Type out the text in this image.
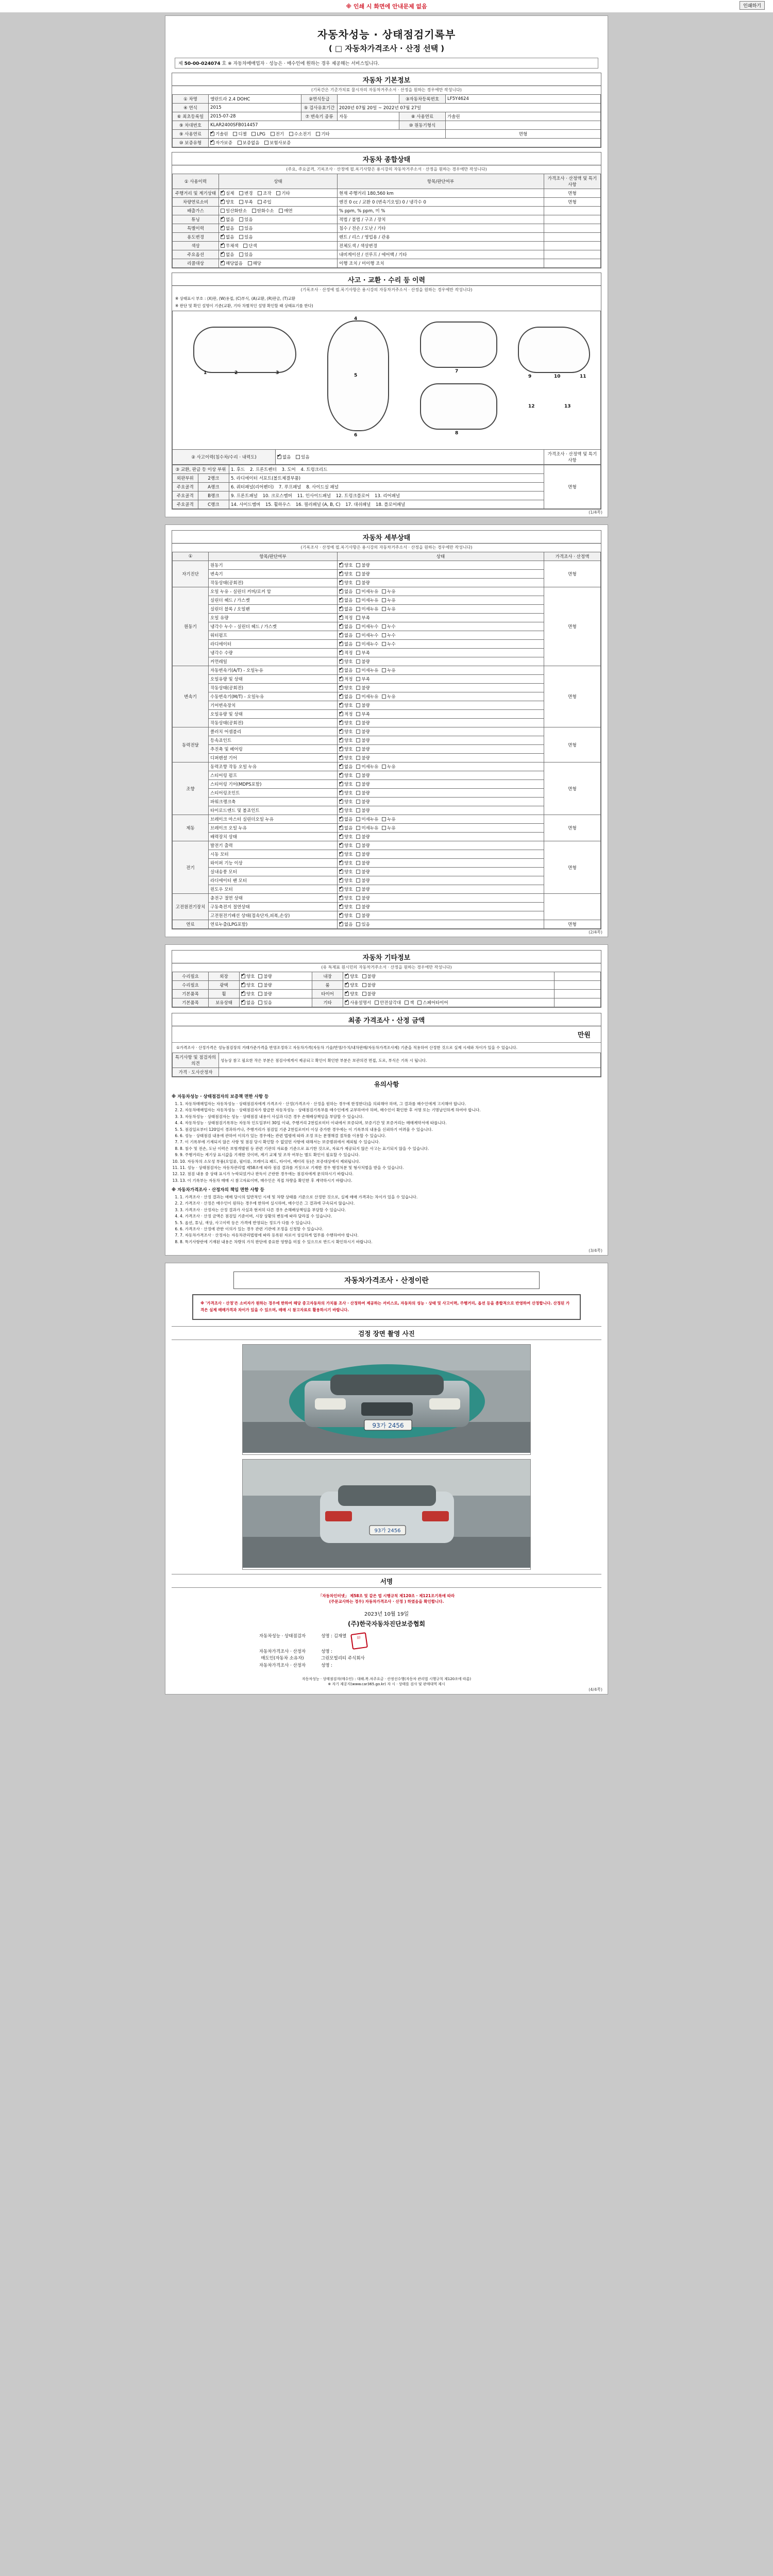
※ 인쇄 시 화면에 안내문제 없음	인쇄하기
(1/4쪽)
자동차성능 · 상태점검기록부
( □ 자동차가격조사 · 산정 선택 )
제 50-00-024074 호 ※ 자동차매매업자 · 성능은 · 매수인에 원하는 경우 제공해는 서비스입니다.
자동차 기본정보
(기록간은 기준가치료 물시자의 자동차거주소서 · 산정을 원하는 경우에만 작성니다)
① 차명	엘란트라 2.4 DOHC	②연식등급		③자동차등록번호	LF5Y4624
④ 연식	2015	⑤ 검사유효기간	2020년 07월 20일 ~ 2022년 07월 27일		
⑥ 최초등록일	2015-07-28	⑦ 변속기 종류	자동	⑧ 사용연료	가솔린
⑨ 차대번호	KLAR2400SFB014457			⑩ 원동기형식	
⑨ 사용연료	✔기솔린 디젤 LPG 전기 수소전기 기타				면형
⑩ 보증유형	✔자가보증 보증없음 보험사보증
자동차 종합상태
(주요, 주요골격, 기록조사 · 산정에 필.록기사항은 용시강의 자동차거주소서 · 산정을 원하는 경우에만 작성니다)
① 사용이력	상태	항목/판단여부	가격조사 · 산정액 및 특기사항
주행거리 및 계기상태	✔실제 변경 조작 기타	현재 주행거리 180,560 km	면형
차량연료소비	✔양호 부족 주입	엔진 0 cc / 교환 0 (변속기오일) 0 / 냉각수 0	면형
배출가스	일산화탄소 탄화수소 매연	% ppm, % ppm, 미 %	
튜닝	✔없음 있음	적법 / 불법 / 구조 / 장치	
특별이력	✔없음 있음	침수 / 전손 / 도난 / 기타	
용도변경	✔없음 있음	렌트 / 리스 / 영업용 / 관용	
색상	✔무채색 단색	전체도색 / 색상변경	
주요옵션	✔없음 있음	내비게이션 / 선루프 / 에어백 / 기타	
리콜대상	✔해당없음 해당	이행 조치 / 미이행 조치	
사고 · 교환 · 수리 등 이력
(기록조사 · 산정에 필.록기사항은 용시강의 자동차거주소서 · 산정을 원하는 경우에만 작성니다)
※ 상태표시 부호 : (X)판, (W)용접, (C)부식, (A)교환, (R)판금, (T)교환
※ 판단 및 확인 설명이 기준(교환, 기타 차별적인 설명 확인할 때 상태표기를 한다)
1	2	3
4
5
6
7
8
9	10	11
12	13
② 사고이력(침수차/수리 · 내력도)	✔없음 있음	가격조사 · 산정액 및 특기사항
③ 교환, 판금 등 이상 부위		1. 후드 2. 프론트펜더 3. 도어 4. 트렁크리드	면형
외판부위	2랭크	5. 라디에이터 서포트(볼트체결부품)	
주요골격	A랭크	6. 쿼터패널(리어펜더) 7. 루프패널 8. 사이드실 패널	
주요골격	B랭크	9. 프론트패널 10. 크로스멤버 11. 인사이드패널 12. 트렁크플로어 13. 리어패널	
주요골격	C랭크	14. 사이드멤버 15. 휠하우스 16. 필러패널 (A, B, C) 17. 대쉬패널 18. 플로어패널	
(2/4쪽)
자동차 세부상태
(기록조사 · 산정에 필.록기사항은 용시강의 자동차거주소서 · 산정을 원하는 경우에만 작성니다)
①	항목/판단여부	상태	가격조사 · 산정액
자기진단	원동기	✔양호 불량	면형
	변속기	✔양호 불량
	작동상태(공회전)	✔양호 불량
원동기	오일 누유 - 실린더 커버/로커 암	✔없음 미세누유 누유	면형
	실린더 헤드 / 가스켓	✔없음 미세누유 누유
	실린더 블록 / 오일팬	✔없음 미세누유 누유
	오일 유량	✔적정 부족
	냉각수 누수 - 실린더 헤드 / 가스켓	✔없음 미세누수 누수
	워터펌프	✔없음 미세누수 누수
	라디에이터	✔없음 미세누수 누수
	냉각수 수량	✔적정 부족
	커먼레일	✔양호 불량
변속기	자동변속기(A/T) - 오일누유	✔없음 미세누유 누유	면형
	오일유량 및 상태	✔적정 부족
	작동상태(공회전)	✔양호 불량
	수동변속기(M/T) - 오일누유	✔없음 미세누유 누유
	기어변속장치	✔양호 불량
	오일유량 및 상태	✔적정 부족
	작동상태(공회전)	✔양호 불량
동력전달	클러치 어셈블리	✔양호 불량	면형
	등속죠인트	✔양호 불량
	추진축 및 베어링	✔양호 불량
	디퍼렌셜 기어	✔양호 불량
조향	동력조향 작동 오일 누유	✔없음 미세누유 누유	면형
	스티어링 펌프	✔양호 불량
	스티어링 기어(MDPS포함)	✔양호 불량
	스티어링조인트	✔양호 불량
	파워크랭크축	✔양호 불량
	타이로드엔드 및 볼죠인트	✔양호 불량
제동	브레이크 마스터 실린더오일 누유	✔없음 미세누유 누유	면형
	브레이크 오일 누유	✔없음 미세누유 누유
	배력장치 상태	✔양호 불량
전기	발전기 출력	✔양호 불량	면형
	시동 모터	✔양호 불량
	와이퍼 기능 이상	✔양호 불량
	실내송풍 모터	✔양호 불량
	라디에이터 팬 모터	✔양호 불량
	윈도우 모터	✔양호 불량
고전원전기장치	충전구 절연 상태	✔양호 불량	
	구동축전지 절연상태	✔양호 불량
	고전원전기배선 상태(접속단자,피복,손상)	✔양호 불량
연료	연료누출(LPG포함)	✔없음 있음	면형
(3/4쪽)
자동차 기타정보
(유 특제표 원시민의 자동차거주소서 · 산정을 원하는 경우에만 작성니다)
수리필요	외장	✔양호 불량	내장	✔양호 불량	
수리필요	광택	✔양호 불량	룸	✔양호 불량	
기본품목	휠	✔양호 불량	타이어	✔양호 불량	
기본품목	보유상태	✔없음 있음	기타	✔사용설명서 안전삼각대 잭 스페어타이어	
최종 가격조사 · 산정 금액
만원
①가격조사 · 산정가격은 성능점검장의 거래가준가격을 반영조정하고 자동차가격(자동차 기술/반영/수치/내차판매/자동차가격조사제) 기준을 적용하여 산정한 것으로 실제 시세와 차이가 있을 수 있습니다.
특기사항 및 점검자의 의견	성능상 참고 필요한 작은 부분은 점검사에게서 제공되고 확인이 확인한 부분은 보관의견 면접, 도로, 부식은 기록 시 됩니다.
가격 · 도사산정자	
유의사항

※ 자동차성능 · 상태점검자의 보증책 면한 사항 등

1. 1. 자동차매매업자는 자동차성능 · 상태점검자에게 가격조사 · 산정(가격조사 · 산정을 원하는 경우에 한정한다)을 의뢰해야 하며, 그 결과를 매수인에게 고지해야 합니다.
2. 2. 자동차매매업자는 자동차성능 · 상태점검자가 발급한 자동차성능 · 상태점검기록부를 매수인에게 교부하여야 하며, 매수인이 확인한 후 서명 또는 기명날인하게 하여야 합니다.
3. 3. 자동차성능 · 상태점검자는 성능 · 상태점검 내용이 사실과 다른 경우 손해배상책임을 부담할 수 있습니다.
4. 4. 자동차성능 · 상태점검기록부는 자동차 인도일부터 30일 이내, 주행거리 2천킬로미터 이내에서 보증되며, 보증기간 및 보증거리는 매매계약서에 따릅니다.
5. 5. 점검일로부터 120일이 경과하거나, 주행거리가 점검일 기준 2천킬로미터 이상 증가한 경우에는 이 기록부의 내용을 신뢰하기 어려울 수 있습니다.
6. 6. 성능 · 상태점검 내용에 관하여 이의가 있는 경우에는 관련 법령에 따라 조정 또는 분쟁해결 절차를 이용할 수 있습니다.
7. 7. 이 기록부에 기재되지 않은 사항 및 점검 당시 확인할 수 없었던 사항에 대해서는 보증범위에서 제외될 수 있습니다.
8. 8. 침수 및 전손, 도난 이력은 보험개발원 등 관련 기관의 자료를 기준으로 표기한 것으로, 자료가 제공되지 않은 사고는 표기되지 않을 수 있습니다.
9. 9. 주행거리는 계기상 표시값을 기재한 것이며, 계기 교체 및 조작 여부는 별도 확인이 필요할 수 있습니다.
10. 10. 자동차의 소모성 부품(오일류, 필터류, 브레이크 패드, 타이어, 배터리 등)은 보증대상에서 제외됩니다.
11. 11. 성능 · 상태점검자는 자동차관리법 제58조에 따라 점검 결과를 거짓으로 기재한 경우 행정처분 및 형사처벌을 받을 수 있습니다.
12. 12. 점검 내용 중 상태 표시가 누락되었거나 판독이 곤란한 경우에는 점검자에게 문의하시기 바랍니다.
13. 13. 이 기록부는 자동차 매매 시 참고자료이며, 매수인은 직접 차량을 확인한 후 계약하시기 바랍니다.

※ 자동차가격조사 · 산정자의 책임 면한 사항 등

1. 1. 가격조사 · 산정 결과는 매매 당시의 일반적인 시세 및 차량 상태를 기준으로 산정한 것으로, 실제 매매 가격과는 차이가 있을 수 있습니다.
2. 2. 가격조사 · 산정은 매수인이 원하는 경우에 한하여 실시하며, 매수인은 그 결과에 구속되지 않습니다.
3. 3. 가격조사 · 산정자는 산정 결과가 사실과 현저히 다른 경우 손해배상책임을 부담할 수 있습니다.
4. 4. 가격조사 · 산정 금액은 점검일 기준이며, 시장 상황의 변동에 따라 달라질 수 있습니다.
5. 5. 옵션, 튜닝, 색상, 사고이력 등은 가격에 반영되는 정도가 다를 수 있습니다.
6. 6. 가격조사 · 산정에 관한 이의가 있는 경우 관련 기관에 조정을 신청할 수 있습니다.
7. 7. 자동차가격조사 · 산정자는 자동차관리법령에 따라 등록된 자로서 성실하게 업무를 수행하여야 합니다.
8. 8. 특기사항란에 기재된 내용은 차량의 가치 판단에 중요한 영향을 미칠 수 있으므로 반드시 확인하시기 바랍니다.
(4/4쪽)
자동차가격조사 · 산정이란
※ '가격조사 · 산정'은 소비자가 원하는 경우에 한하여 해당 중고자동차의 가치를 조사 · 산정하여 제공하는 서비스로, 자동차의 성능 · 상태 및 사고이력, 주행거리, 옵션 등을 종합적으로 반영하여 산정합니다. 산정된 가격은 실제 매매가격과 차이가 있을 수 있으며, 매매 시 참고자료로 활용하시기 바랍니다.
검정 장면 촬영 사진
93가 2456
93가 2456
서명
「자동차인터넷」 제58조 및 같은 법 시행규칙 제120조 · 제121조기록에 따라
(주문교사하는 경우) 자동차가격조사 · 산정 ) 하였음을 확인합니다.
2023년 10월 19일
(주)한국자동차진단보증협회
자동차성능 · 상태점검자	성명 : 김재열	印
자동차가격조사 · 산정자	성명 :
매도인(자동차 소유자)	그린모빌리티 주식회사
자동차가격조사 · 산정자	성명 :
자동차성능 · 상태점검자(매수인) : 대해.복.차주요금 · 산정선수행(자동차 관리법 시행규칙 제120조에 따름)
※ 자기 제공지(www.car365.go.kr) 자 시 · 상태를 검사 및 판매대역 제시
